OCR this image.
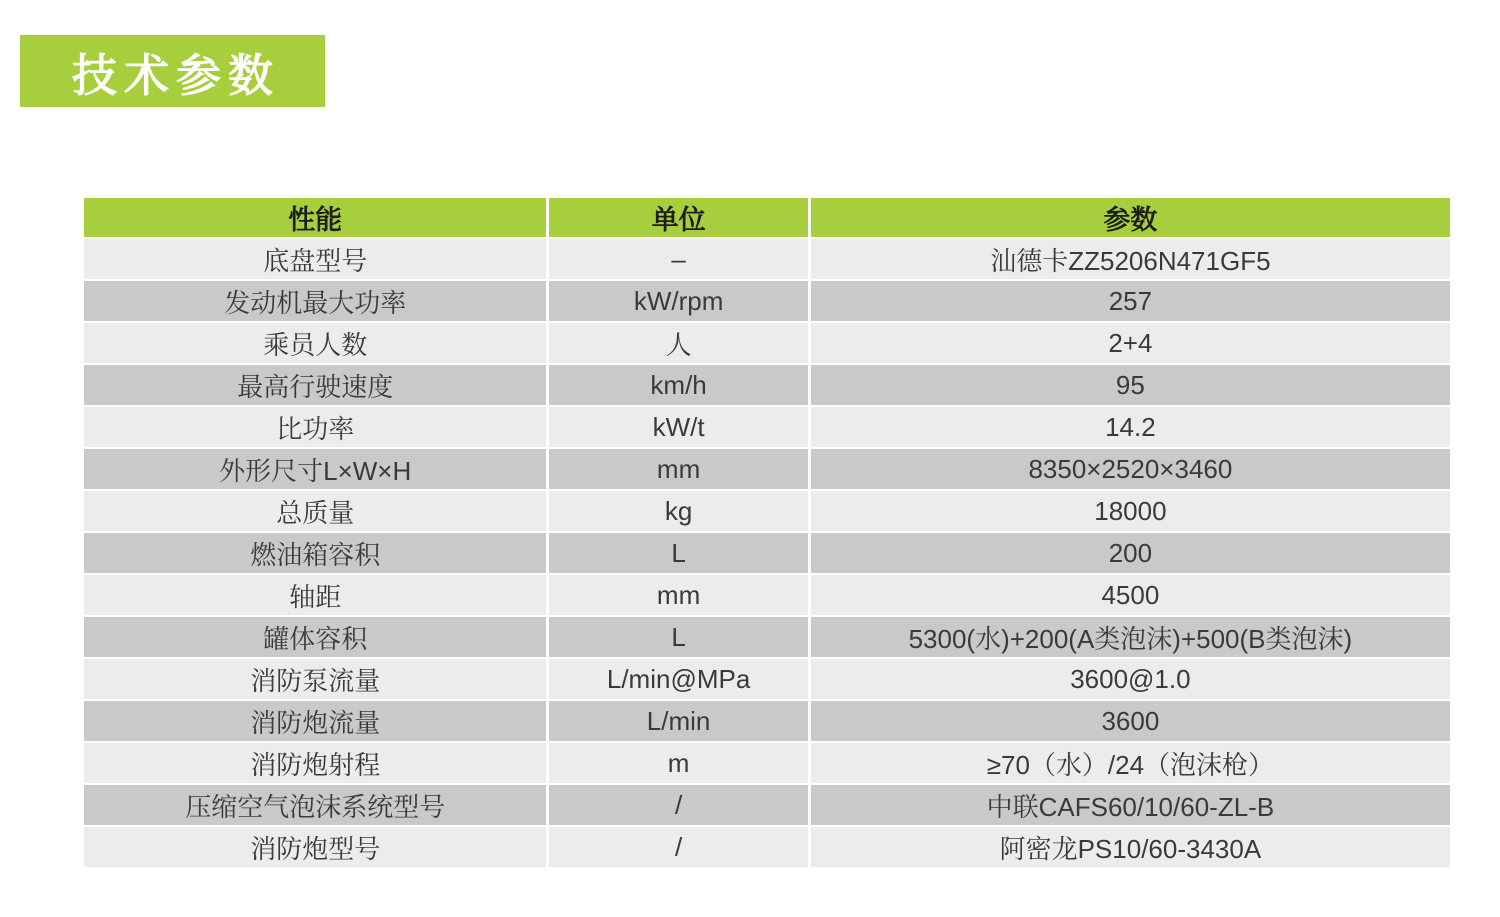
技术参数
性能	单位	参数
底盘型号	–	汕德卡ZZ5206N471GF5
发动机最大功率	kW/rpm	257
乘员人数	人	2+4
最高行驶速度	km/h	95
比功率	kW/t	14.2
外形尺寸L×W×H	mm	8350×2520×3460
总质量	kg	18000
燃油箱容积	L	200
轴距	mm	4500
罐体容积	L	5300(水)+200(A类泡沫)+500(B类泡沫)
消防泵流量	L/min@MPa	3600@1.0
消防炮流量	L/min	3600
消防炮射程	m	≥70（水）/24（泡沫枪）
压缩空气泡沫系统型号	/	中联CAFS60/10/60-ZL-B
消防炮型号	/	阿密龙PS10/60-3430A
